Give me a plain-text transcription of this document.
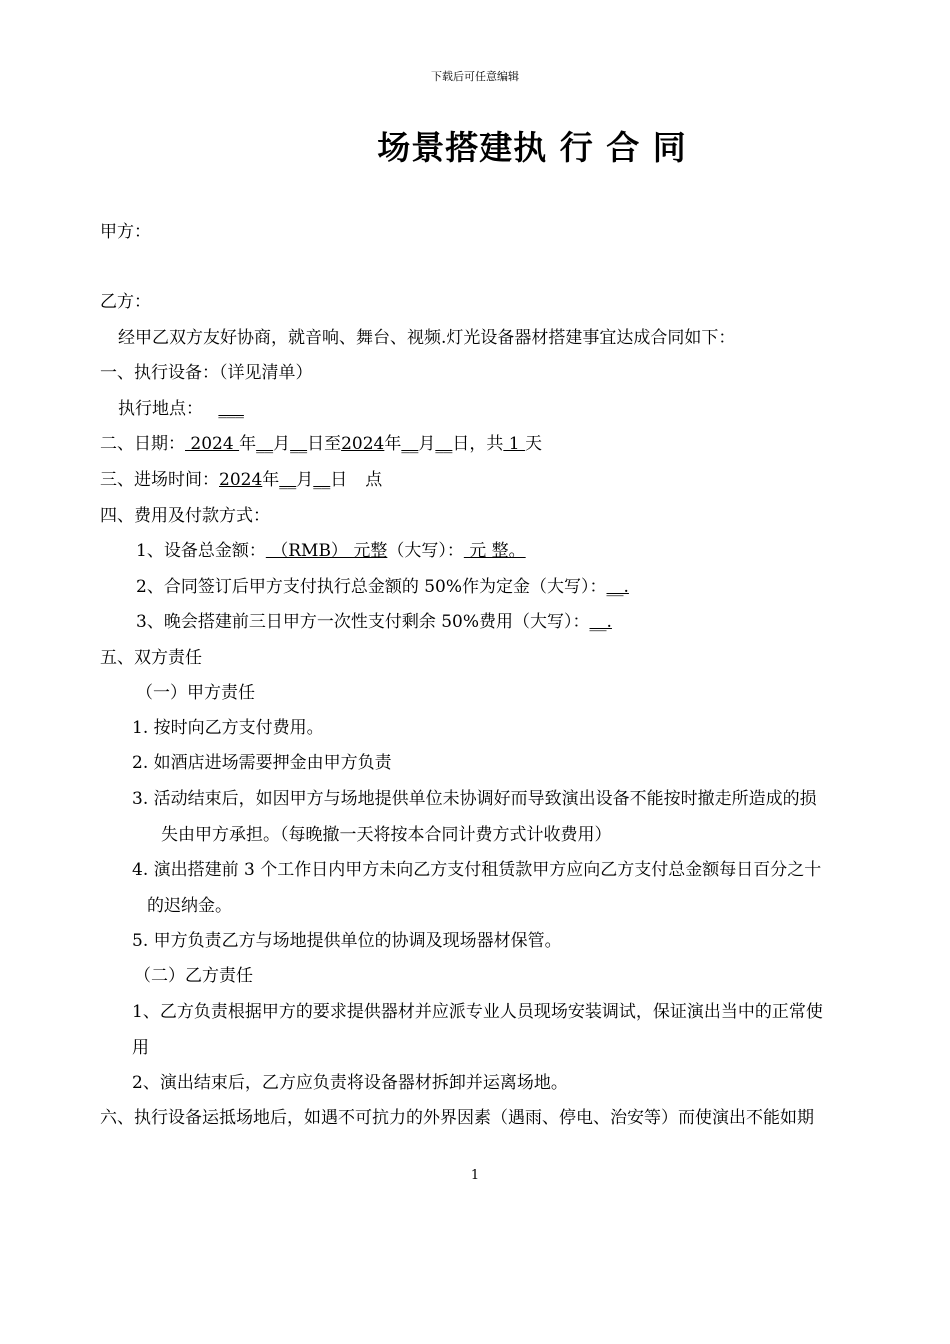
下载后可任意编辑
场景搭建执 行 合 同
甲方：
乙方：
经甲乙双方友好协商，就音响、舞台、视频.灯光设备器材搭建事宜达成合同如下：
一、执行设备：（详见清单）
执行地点： ___
二、日期： 2024 年__月__日至2024年__月__日，共 1 天
三、进场时间：2024年__月__日 点
四、费用及付款方式：
1、设备总金额： （RMB） 元整（大写）： 元 整。
2、合同签订后甲方支付执行总金额的 50%作为定金（大写）：__.
3、晚会搭建前三日甲方一次性支付剩余 50%费用（大写）：__.
五、双方责任
（一）甲方责任
1. 按时向乙方支付费用。
2. 如酒店进场需要押金由甲方负责
3. 活动结束后，如因甲方与场地提供单位未协调好而导致演出设备不能按时撤走所造成的损
失由甲方承担。（每晚撤一天将按本合同计费方式计收费用）
4. 演出搭建前 3 个工作日内甲方未向乙方支付租赁款甲方应向乙方支付总金额每日百分之十
的迟纳金。
5. 甲方负责乙方与场地提供单位的协调及现场器材保管。
（二）乙方责任
1、乙方负责根据甲方的要求提供器材并应派专业人员现场安装调试，保证演出当中的正常使
用
2、演出结束后，乙方应负责将设备器材拆卸并运离场地。
六、执行设备运抵场地后，如遇不可抗力的外界因素（遇雨、停电、治安等）而使演出不能如期
1
